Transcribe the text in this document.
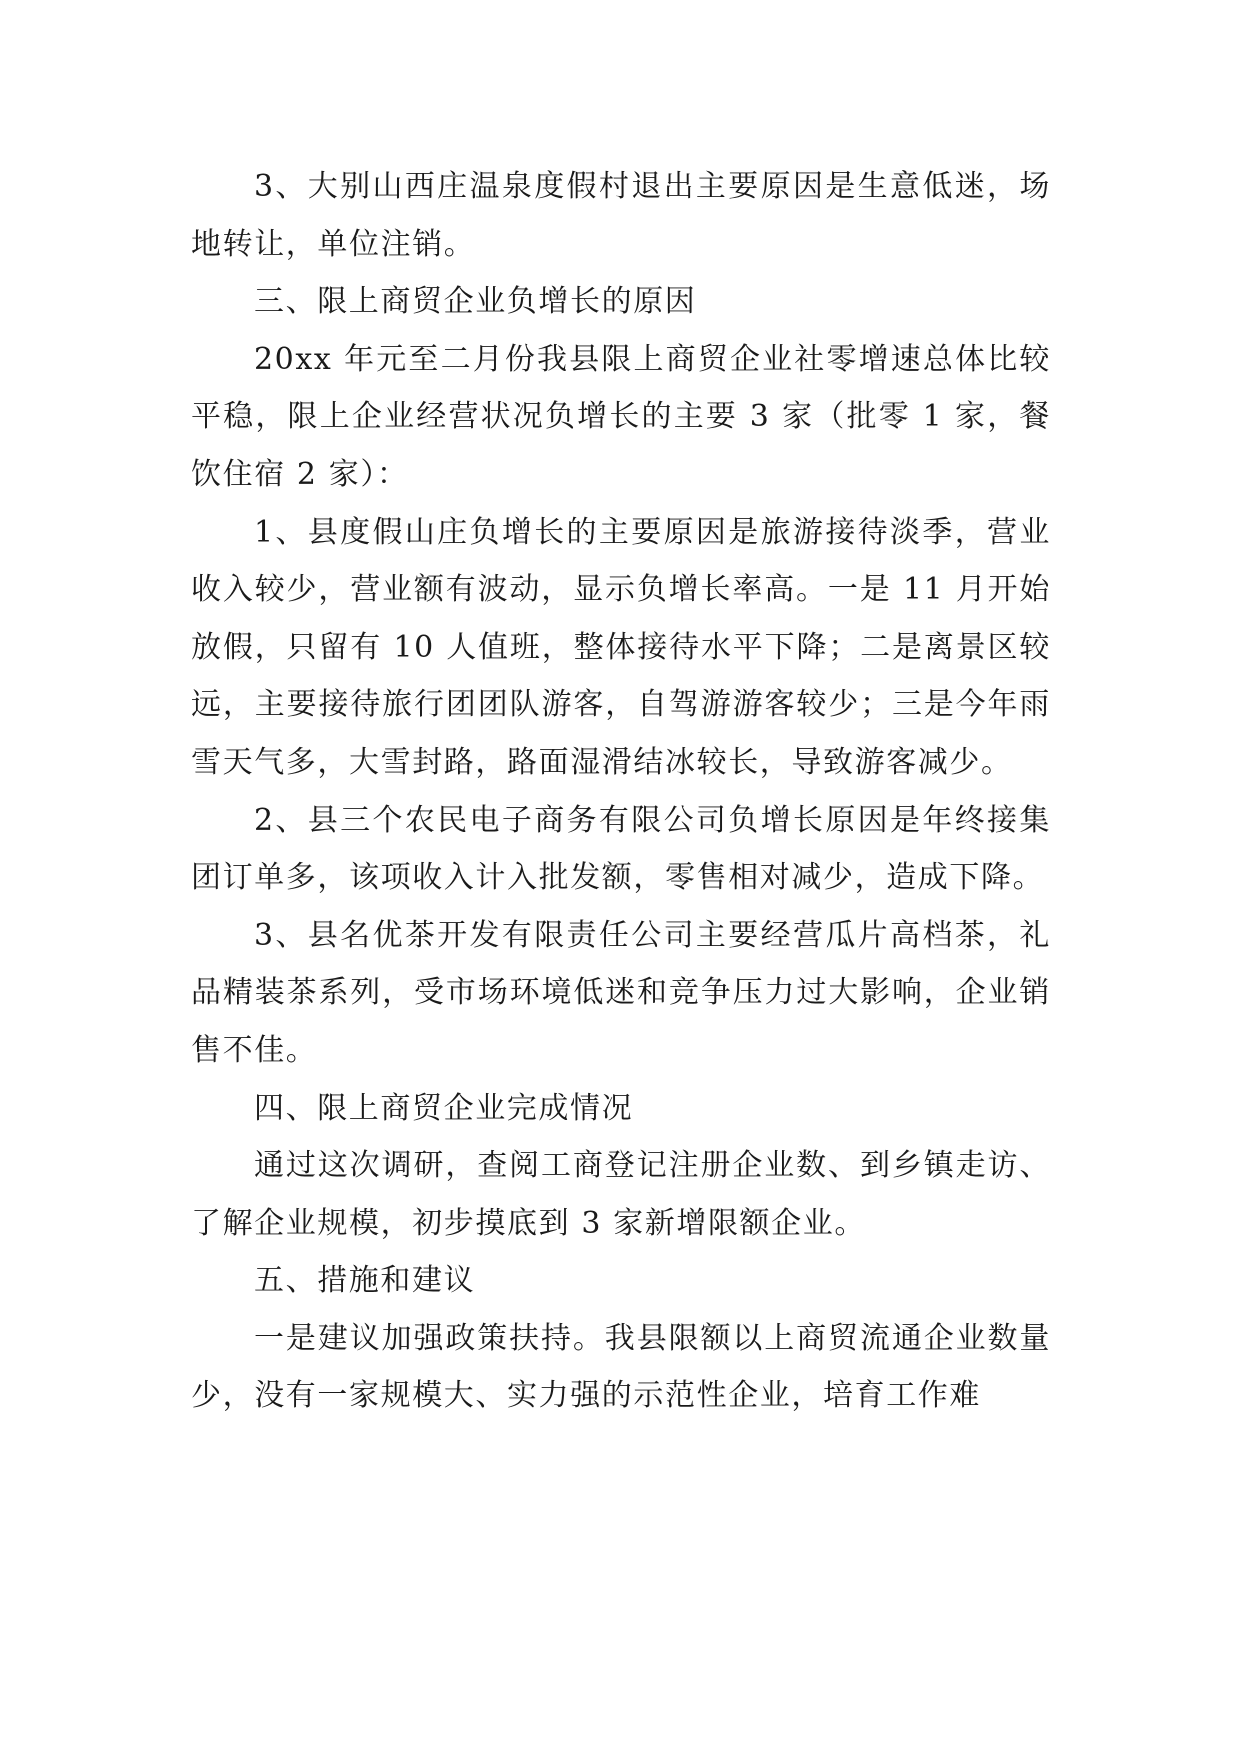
3、大别山西庄温泉度假村退出主要原因是生意低迷，场地转让，单位注销。

三、限上商贸企业负增长的原因

20xx 年元至二月份我县限上商贸企业社零增速总体比较平稳，限上企业经营状况负增长的主要 3 家（批零 1 家，餐饮住宿 2 家）：

1、县度假山庄负增长的主要原因是旅游接待淡季，营业收入较少，营业额有波动，显示负增长率高。一是 11 月开始放假，只留有 10 人值班，整体接待水平下降；二是离景区较远，主要接待旅行团团队游客，自驾游游客较少；三是今年雨雪天气多，大雪封路，路面湿滑结冰较长，导致游客减少。

2、县三个农民电子商务有限公司负增长原因是年终接集团订单多，该项收入计入批发额，零售相对减少，造成下降。

3、县名优茶开发有限责任公司主要经营瓜片高档茶，礼品精装茶系列，受市场环境低迷和竞争压力过大影响，企业销售不佳。

四、限上商贸企业完成情况

通过这次调研，查阅工商登记注册企业数、到乡镇走访、了解企业规模，初步摸底到 3 家新增限额企业。

五、措施和建议

一是建议加强政策扶持。我县限额以上商贸流通企业数量少，没有一家规模大、实力强的示范性企业，培育工作难
